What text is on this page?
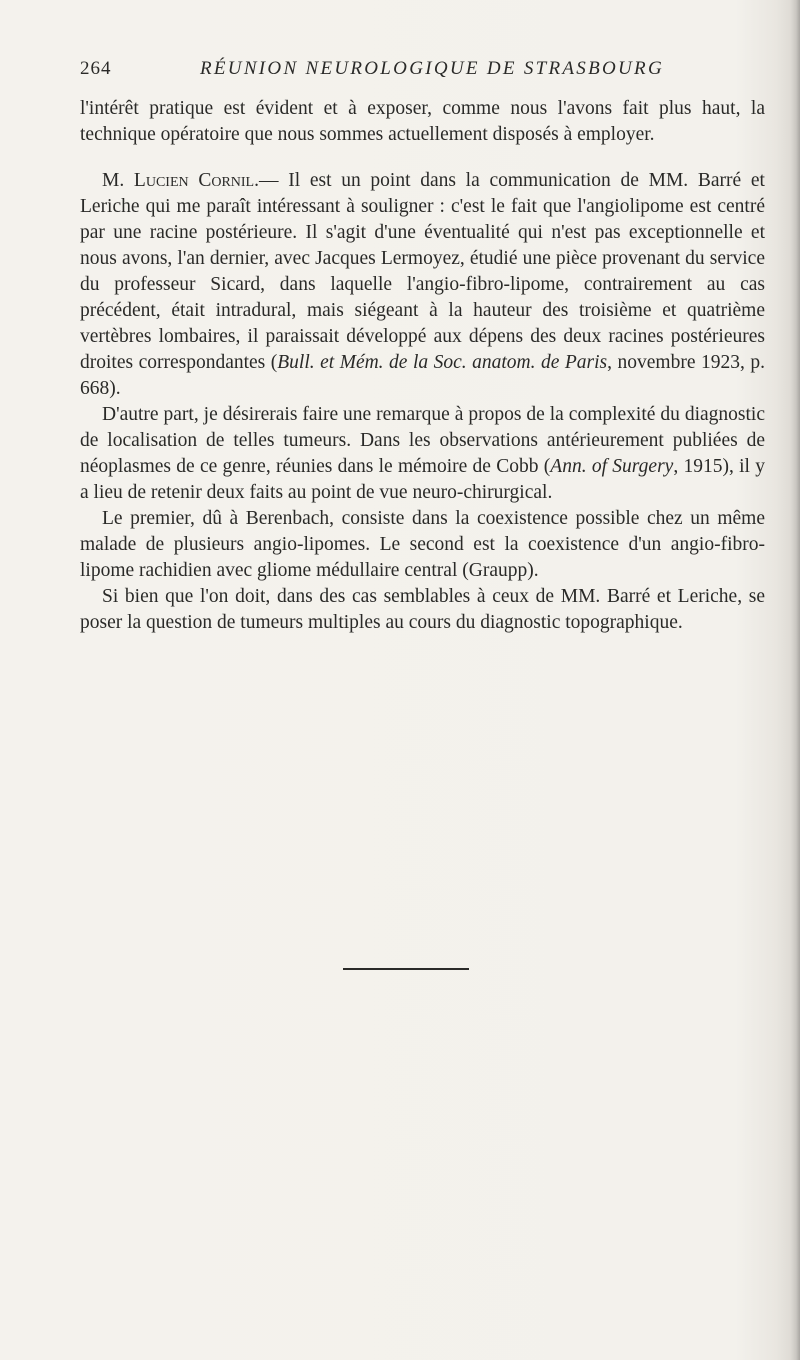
264	RÉUNION NEUROLOGIQUE DE STRASBOURG

l'intérêt pratique est évident et à exposer, comme nous l'avons fait plus haut, la technique opératoire que nous sommes actuellement disposés à employer.

M. Lucien Cornil.— Il est un point dans la communication de MM. Barré et Leriche qui me paraît intéressant à souligner : c'est le fait que l'angiolipome est centré par une racine postérieure. Il s'agit d'une éventualité qui n'est pas exceptionnelle et nous avons, l'an dernier, avec Jacques Lermoyez, étudié une pièce provenant du service du professeur Sicard, dans laquelle l'angio-fibro-lipome, contrairement au cas précédent, était intradural, mais siégeant à la hauteur des troisième et quatrième vertèbres lombaires, il paraissait développé aux dépens des deux racines postérieures droites correspondantes (Bull. et Mém. de la Soc. anatom. de Paris, novembre 1923, p. 668).

D'autre part, je désirerais faire une remarque à propos de la complexité du diagnostic de localisation de telles tumeurs. Dans les observations antérieurement publiées de néoplasmes de ce genre, réunies dans le mémoire de Cobb (Ann. of Surgery, 1915), il y a lieu de retenir deux faits au point de vue neuro-chirurgical.

Le premier, dû à Berenbach, consiste dans la coexistence possible chez un même malade de plusieurs angio-lipomes. Le second est la coexistence d'un angio-fibro-lipome rachidien avec gliome médullaire central (Graupp).

Si bien que l'on doit, dans des cas semblables à ceux de MM. Barré et Leriche, se poser la question de tumeurs multiples au cours du diagnostic topographique.
